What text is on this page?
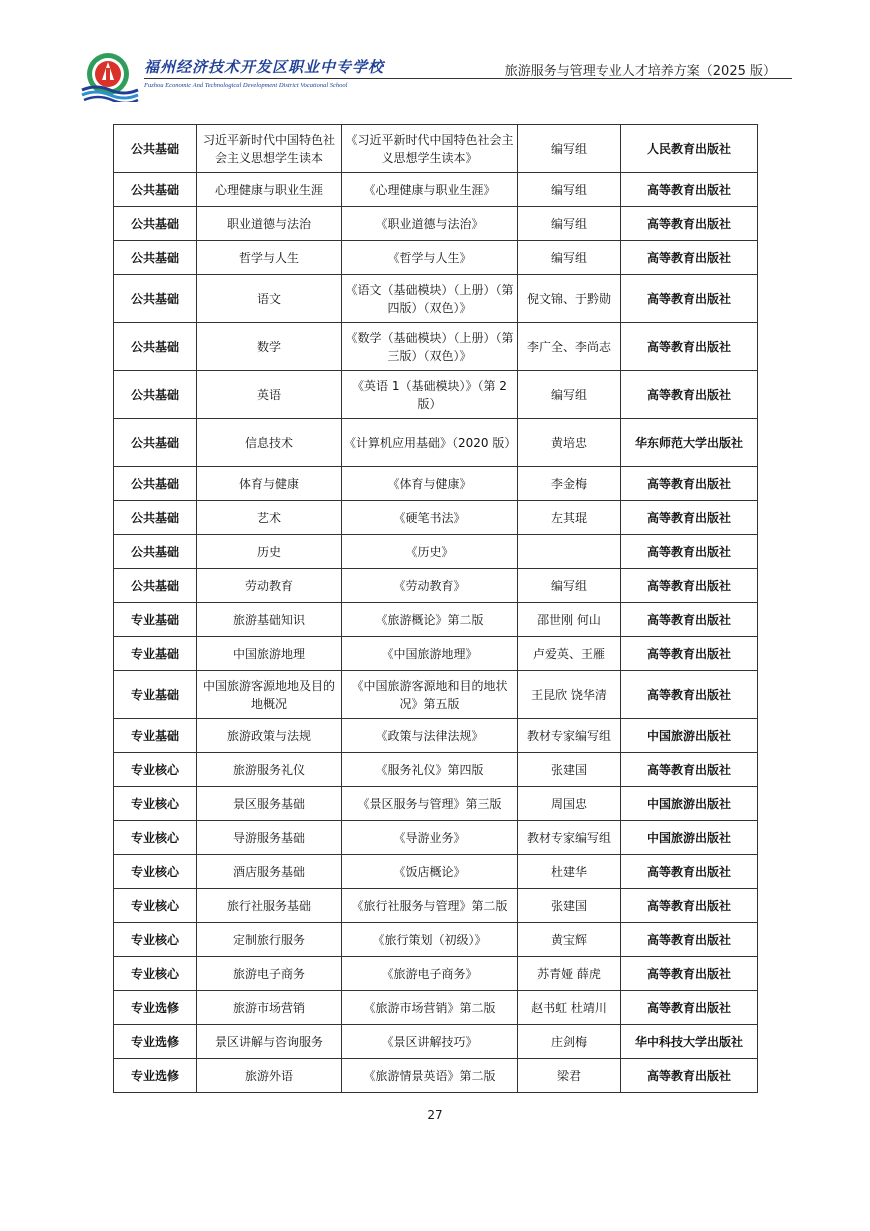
福州经济技术开发区职业中专学校
Fuzhou Economic And Technological Development District Vocational School
旅游服务与管理专业人才培养方案（2025 版）
公共基础	习近平新时代中国特色社会主义思想学生读本	《习近平新时代中国特色社会主义思想学生读本》	编写组	人民教育出版社
公共基础	心理健康与职业生涯	《心理健康与职业生涯》	编写组	高等教育出版社
公共基础	职业道德与法治	《职业道德与法治》	编写组	高等教育出版社
公共基础	哲学与人生	《哲学与人生》	编写组	高等教育出版社
公共基础	语文	《语文（基础模块）（上册）（第四版）（双色）》	倪文锦、于黔勋	高等教育出版社
公共基础	数学	《数学（基础模块）（上册）（第三版）（双色）》	李广全、李尚志	高等教育出版社
公共基础	英语	《英语 1（基础模块）》（第 2 版）	编写组	高等教育出版社
公共基础	信息技术	《计算机应用基础》（2020 版）	黄培忠	华东师范大学出版社
公共基础	体育与健康	《体育与健康》	李金梅	高等教育出版社
公共基础	艺术	《硬笔书法》	左其琨	高等教育出版社
公共基础	历史	《历史》		高等教育出版社
公共基础	劳动教育	《劳动教育》	编写组	高等教育出版社
专业基础	旅游基础知识	《旅游概论》第二版	邵世刚 何山	高等教育出版社
专业基础	中国旅游地理	《中国旅游地理》	卢爱英、王雁	高等教育出版社
专业基础	中国旅游客源地地及目的地概况	《中国旅游客源地和目的地状况》第五版	王昆欣 饶华清	高等教育出版社
专业基础	旅游政策与法规	《政策与法律法规》	教材专家编写组	中国旅游出版社
专业核心	旅游服务礼仪	《服务礼仪》第四版	张建国	高等教育出版社
专业核心	景区服务基础	《景区服务与管理》第三版	周国忠	中国旅游出版社
专业核心	导游服务基础	《导游业务》	教材专家编写组	中国旅游出版社
专业核心	酒店服务基础	《饭店概论》	杜建华	高等教育出版社
专业核心	旅行社服务基础	《旅行社服务与管理》第二版	张建国	高等教育出版社
专业核心	定制旅行服务	《旅行策划（初级）》	黄宝辉	高等教育出版社
专业核心	旅游电子商务	《旅游电子商务》	苏青娅 薛虎	高等教育出版社
专业选修	旅游市场营销	《旅游市场营销》第二版	赵书虹 杜靖川	高等教育出版社
专业选修	景区讲解与咨询服务	《景区讲解技巧》	庄剑梅	华中科技大学出版社
专业选修	旅游外语	《旅游情景英语》第二版	梁君	高等教育出版社
27
